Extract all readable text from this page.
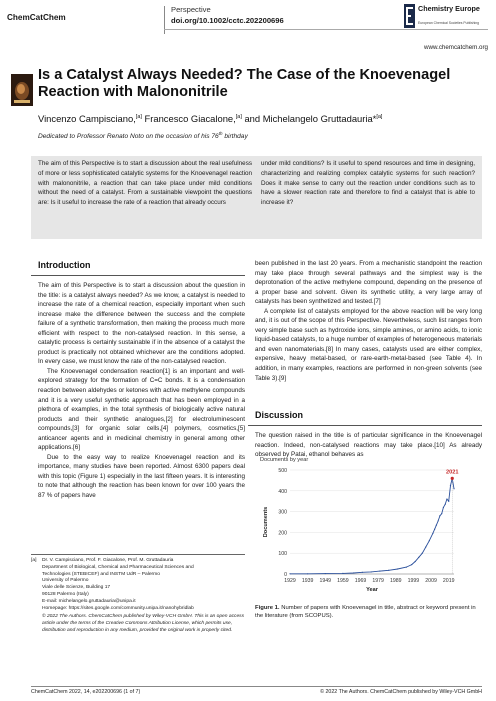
ChemCatChem
Perspective
doi.org/10.1002/cctc.202200696
Chemistry Europe
European Chemical Societies Publishing
www.chemcatchem.org
Is a Catalyst Always Needed? The Case of the Knoevenagel Reaction with Malononitrile
Vincenzo Campisciano,[a] Francesco Giacalone,[a] and Michelangelo Gruttadauria*[a]
Dedicated to Professor Renato Noto on the occasion of his 76th birthday
The aim of this Perspective is to start a discussion about the real usefulness of more or less sophisticated catalytic systems for the Knoevenagel reaction with malononitrile, a reaction that can take place under mild conditions without the need of a catalyst. From a sustainable viewpoint the questions are: Is it useful to increase the rate of a reaction that already occurs
under mild conditions? Is it useful to spend resources and time in designing, characterizing and realizing complex catalytic systems for such reaction? Does it make sense to carry out the reaction under conditions such as to have a slower reaction rate and therefore to find a catalyst that is able to increase it?
Introduction

The aim of this Perspective is to start a discussion about the question in the title: is a catalyst always needed? As we know, a catalyst is needed to increase the rate of a chemical reaction, especially important when such increase make the difference between the success and the complete failure of a synthetic transformation, then making the process much more efficient with respect to the non-catalysed reaction. In this sense, a catalytic process is certainly sustainable if in the absence of a catalyst the product is practically not obtained whichever are the conditions adopted. In every case, we must know the rate of the non-catalysed reaction.

The Knoevenagel condensation reaction[1] is an important and well-explored strategy for the formation of C=C bonds. It is a condensation reaction between aldehydes or ketones with active methylene compounds and it is a very useful synthetic approach that has been employed in a plethora of examples, in the total synthesis of biologically active natural products and their synthetic analogues,[2] for electroluminescent compounds,[3] for organic solar cells,[4] polymers, cosmetics,[5] anticancer agents and in medicinal chemistry in general among other applications.[6]

Due to the easy way to realize Knoevenagel reaction and its importance, many studies have been reported. Almost 6300 papers deal with this topic (Figure 1) especially in the last fifteen years. It is interesting to note that although the reaction has been known for over 100 years the 87 % of papers have

been published in the last 20 years. From a mechanistic standpoint the reaction may take place through several pathways and the simplest way is the deprotonation of the active methylene compound, depending on the presence of a proper base and solvent. Given its synthetic utility, a very large array of catalysts has been synthetized and tested.[7]

A complete list of catalysts employed for the above reaction will be very long and, it is out of the scope of this Perspective. Nevertheless, such list ranges from very simple base such as hydroxide ions, simple amines, or amino acids, to ionic liquid-based catalysts, to a huge number of examples of heterogeneous materials and even nanomaterials.[8] In many cases, catalysts used are either complex, expensive, heavy metal-based, or rare-earth-metal-based (see Table 4). In addition, in many examples, reactions are performed in non-green solvents (see Table 3).[9]

Discussion

The question raised in the title is of particular significance in the Knoevenagel reaction. Indeed, non-catalysed reactions may take place.[10] As already observed by Patai, ethanol behaves as

[a] Dr. V. Campisciano, Prof. F. Giacalone, Prof. M. Gruttadauria
Department of Biological, Chemical and Pharmaceutical Sciences and
Technologies (STEBICEF) and INSTM UdR – Palermo
University of Palermo
Viale delle Scienze, Building 17
90128 Palermo (Italy)
E-mail: michelangelo.gruttadauria@unipa.it
Homepage: https://sites.google.com/community.unipa.it/nanohybridlab
© 2022 The Authors. ChemCatChem published by Wiley-VCH GmbH. This is an open access article under the terms of the Creative Commons Attribution License, which permits use, distribution and reproduction in any medium, provided the original work is properly cited.
Documents by year
0
100
200
300
400
500
1929 1939 1949 1959 1969 1979 1989 1999 2009 2019
Year
Documents
2021
Figure 1. Number of papers with Knoevenagel in title, abstract or keyword present in the literature (from SCOPUS).
ChemCatChem 2022, 14, e202200696 (1 of 7)	© 2022 The Authors. ChemCatChem published by Wiley-VCH GmbH
